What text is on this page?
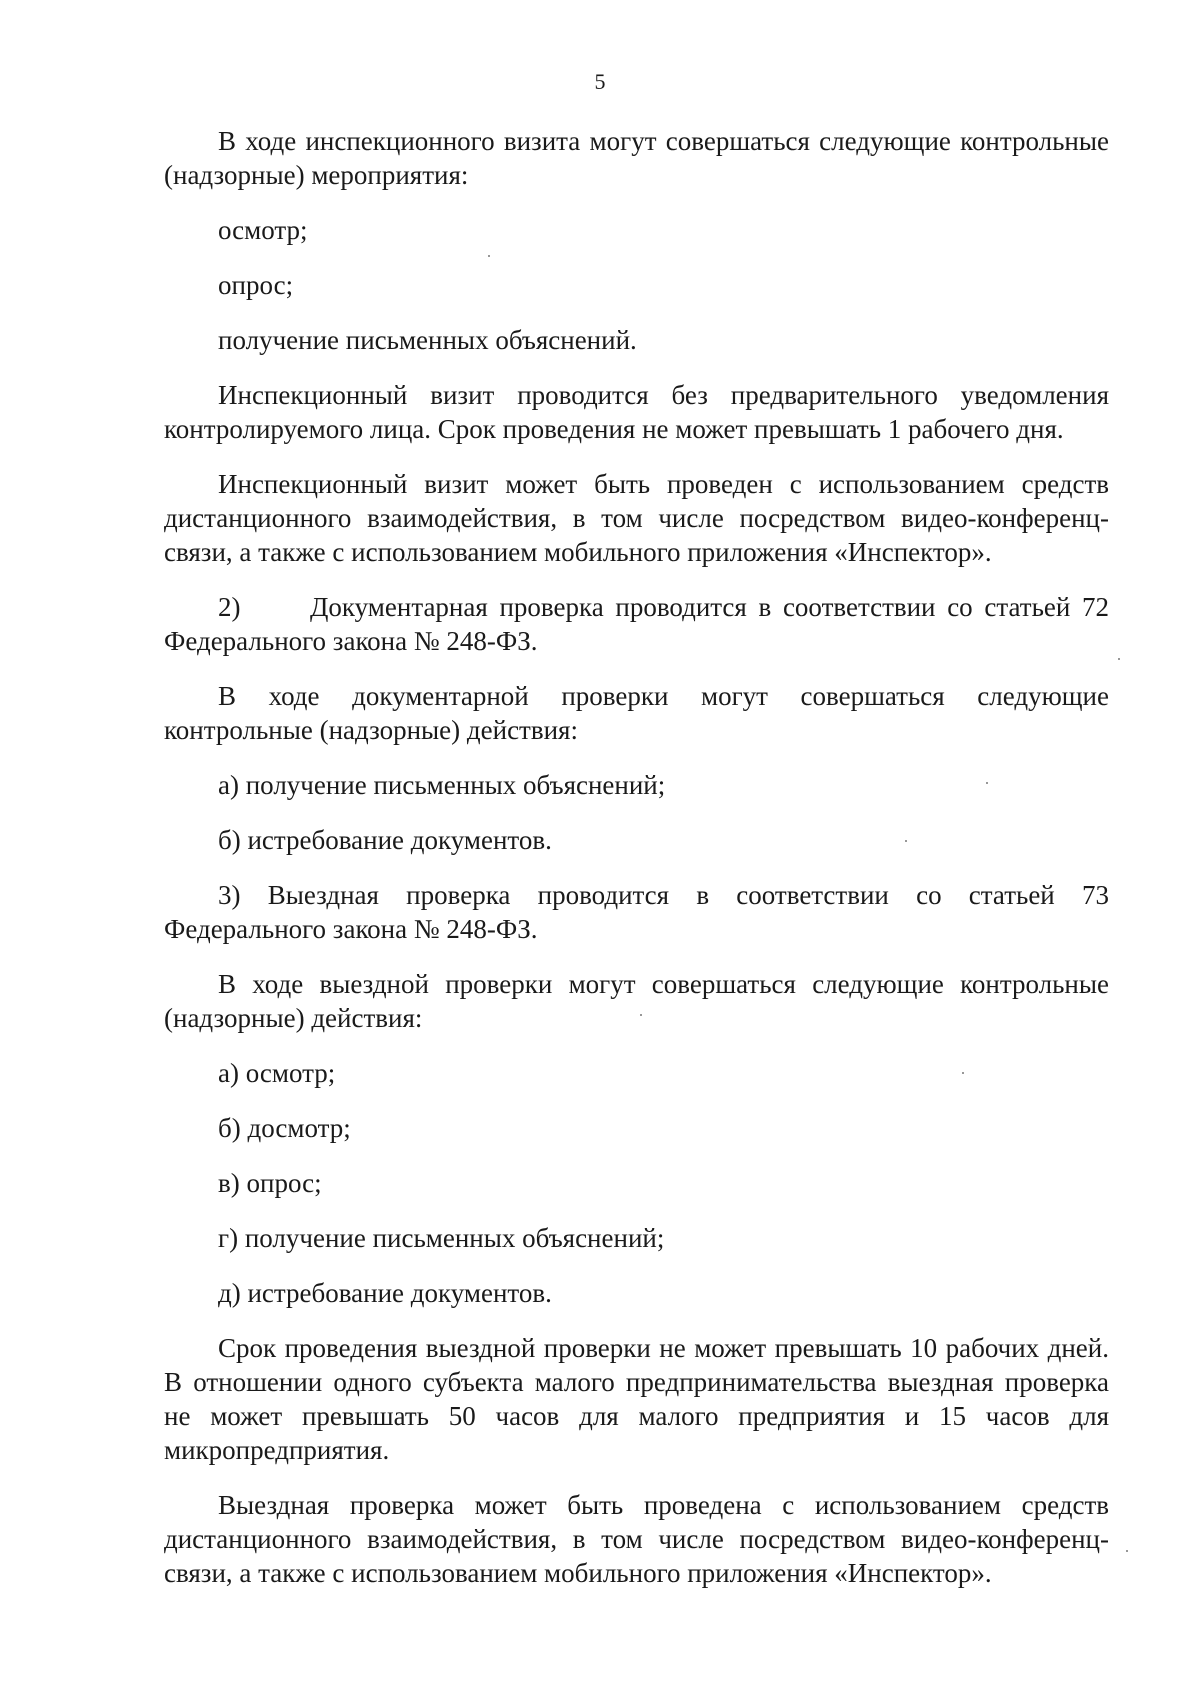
5

В ходе инспекционного визита могут совершаться следующие контрольные (надзорные) мероприятия:

осмотр;

опрос;

получение письменных объяснений.

Инспекционный визит проводится без предварительного уведомления контролируемого лица. Срок проведения не может превышать 1 рабочего дня.

Инспекционный визит может быть проведен с использованием средств дистанционного взаимодействия, в том числе посредством видео-конференц-связи, а также с использованием мобильного приложения «Инспектор».

2)	Документарная проверка проводится в соответствии со статьей 72 Федерального закона № 248-ФЗ.

В ходе документарной проверки могут совершаться следующие контрольные (надзорные) действия:

а) получение письменных объяснений;

б) истребование документов.

3) Выездная проверка проводится в соответствии со статьей 73 Федерального закона № 248-ФЗ.

В ходе выездной проверки могут совершаться следующие контрольные (надзорные) действия:

а) осмотр;

б) досмотр;

в) опрос;

г) получение письменных объяснений;

д) истребование документов.

Срок проведения выездной проверки не может превышать 10 рабочих дней. В отношении одного субъекта малого предпринимательства выездная проверка не может превышать 50 часов для малого предприятия и 15 часов для микропредприятия.

Выездная проверка может быть проведена с использованием средств дистанционного взаимодействия, в том числе посредством видео-конференц-связи, а также с использованием мобильного приложения «Инспектор».
